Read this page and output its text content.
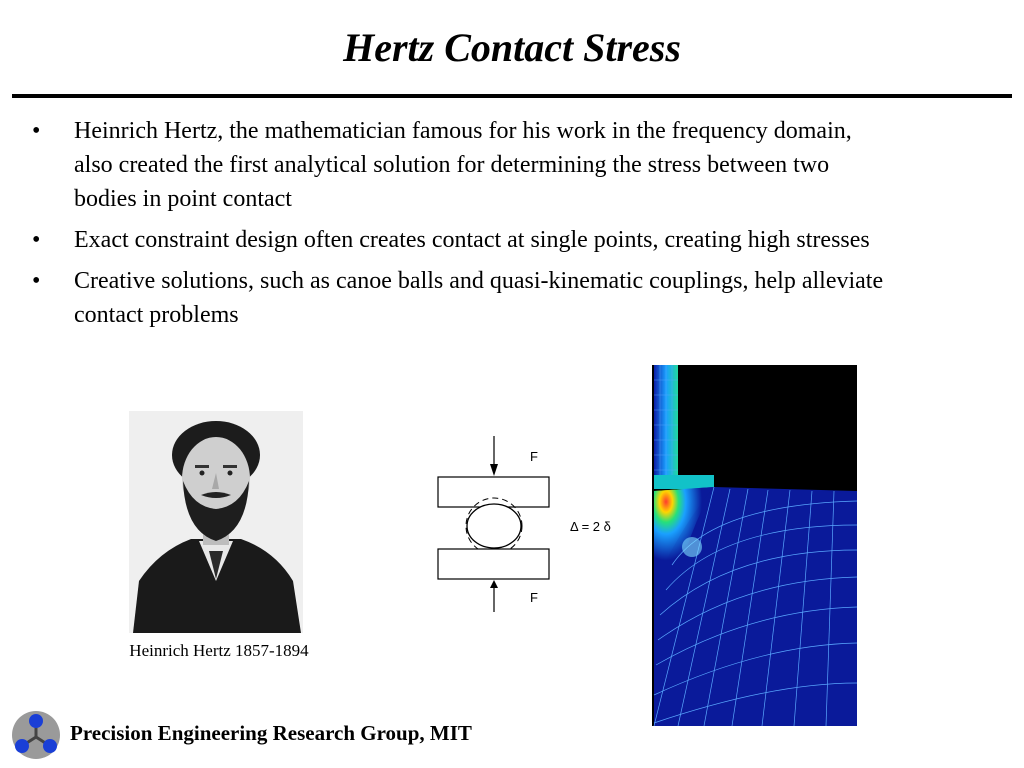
Hertz Contact Stress
•	Heinrich Hertz, the mathematician famous for his work in the frequency domain, also created the first analytical solution for determining the stress between two bodies in point contact
•	Exact constraint design often creates contact at single points, creating high stresses
•	Creative solutions, such as canoe balls and quasi-kinematic couplings, help alleviate contact problems
Heinrich Hertz 1857-1894
F
F
Δ = 2 δ
Precision Engineering Research Group, MIT
